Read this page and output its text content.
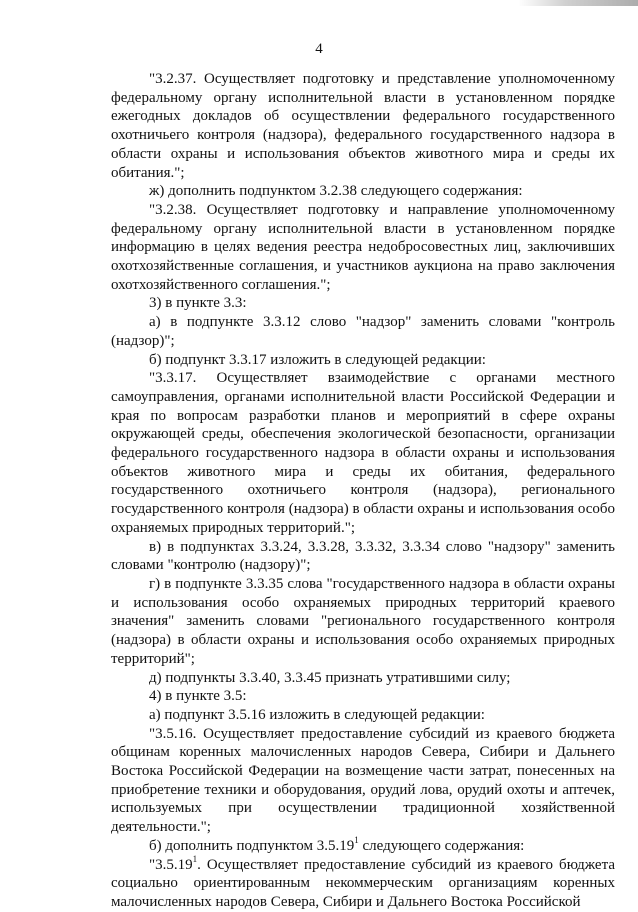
4

"3.2.37. Осуществляет подготовку и представление уполномоченному федеральному органу исполнительной власти в установленном порядке ежегодных докладов об осуществлении федерального государственного охотничьего контроля (надзора), федерального государственного надзора в области охраны и использования объектов животного мира и среды их обитания.";

ж) дополнить подпунктом 3.2.38 следующего содержания:

"3.2.38. Осуществляет подготовку и направление уполномоченному федеральному органу исполнительной власти в установленном порядке информацию в целях ведения реестра недобросовестных лиц, заключивших охотхозяйственные соглашения, и участников аукциона на право заключения охотхозяйственного соглашения.";

3) в пункте 3.3:

а) в подпункте 3.3.12 слово "надзор" заменить словами "контроль (надзор)";

б) подпункт 3.3.17 изложить в следующей редакции:

"3.3.17. Осуществляет взаимодействие с органами местного самоуправления, органами исполнительной власти Российской Федерации и края по вопросам разработки планов и мероприятий в сфере охраны окружающей среды, обеспечения экологической безопасности, организации федерального государственного надзора в области охраны и использования объектов животного мира и среды их обитания, федерального государственного охотничьего контроля (надзора), регионального государственного контроля (надзора) в области охраны и использования особо охраняемых природных территорий.";

в) в подпунктах 3.3.24, 3.3.28, 3.3.32, 3.3.34 слово "надзору" заменить словами "контролю (надзору)";

г) в подпункте 3.3.35 слова "государственного надзора в области охраны и использования особо охраняемых природных территорий краевого значения" заменить словами "регионального государственного контроля (надзора) в области охраны и использования особо охраняемых природных территорий";

д) подпункты 3.3.40, 3.3.45 признать утратившими силу;

4) в пункте 3.5:

а) подпункт 3.5.16 изложить в следующей редакции:

"3.5.16. Осуществляет предоставление субсидий из краевого бюджета общинам коренных малочисленных народов Севера, Сибири и Дальнего Востока Российской Федерации на возмещение части затрат, понесенных на приобретение техники и оборудования, орудий лова, орудий охоты и аптечек, используемых при осуществлении традиционной хозяйственной деятельности.";

б) дополнить подпунктом 3.5.19$^1$ следующего содержания:

"3.5.19$^1$. Осуществляет предоставление субсидий из краевого бюджета социально ориентированным некоммерческим организациям коренных малочисленных народов Севера, Сибири и Дальнего Востока Российской
